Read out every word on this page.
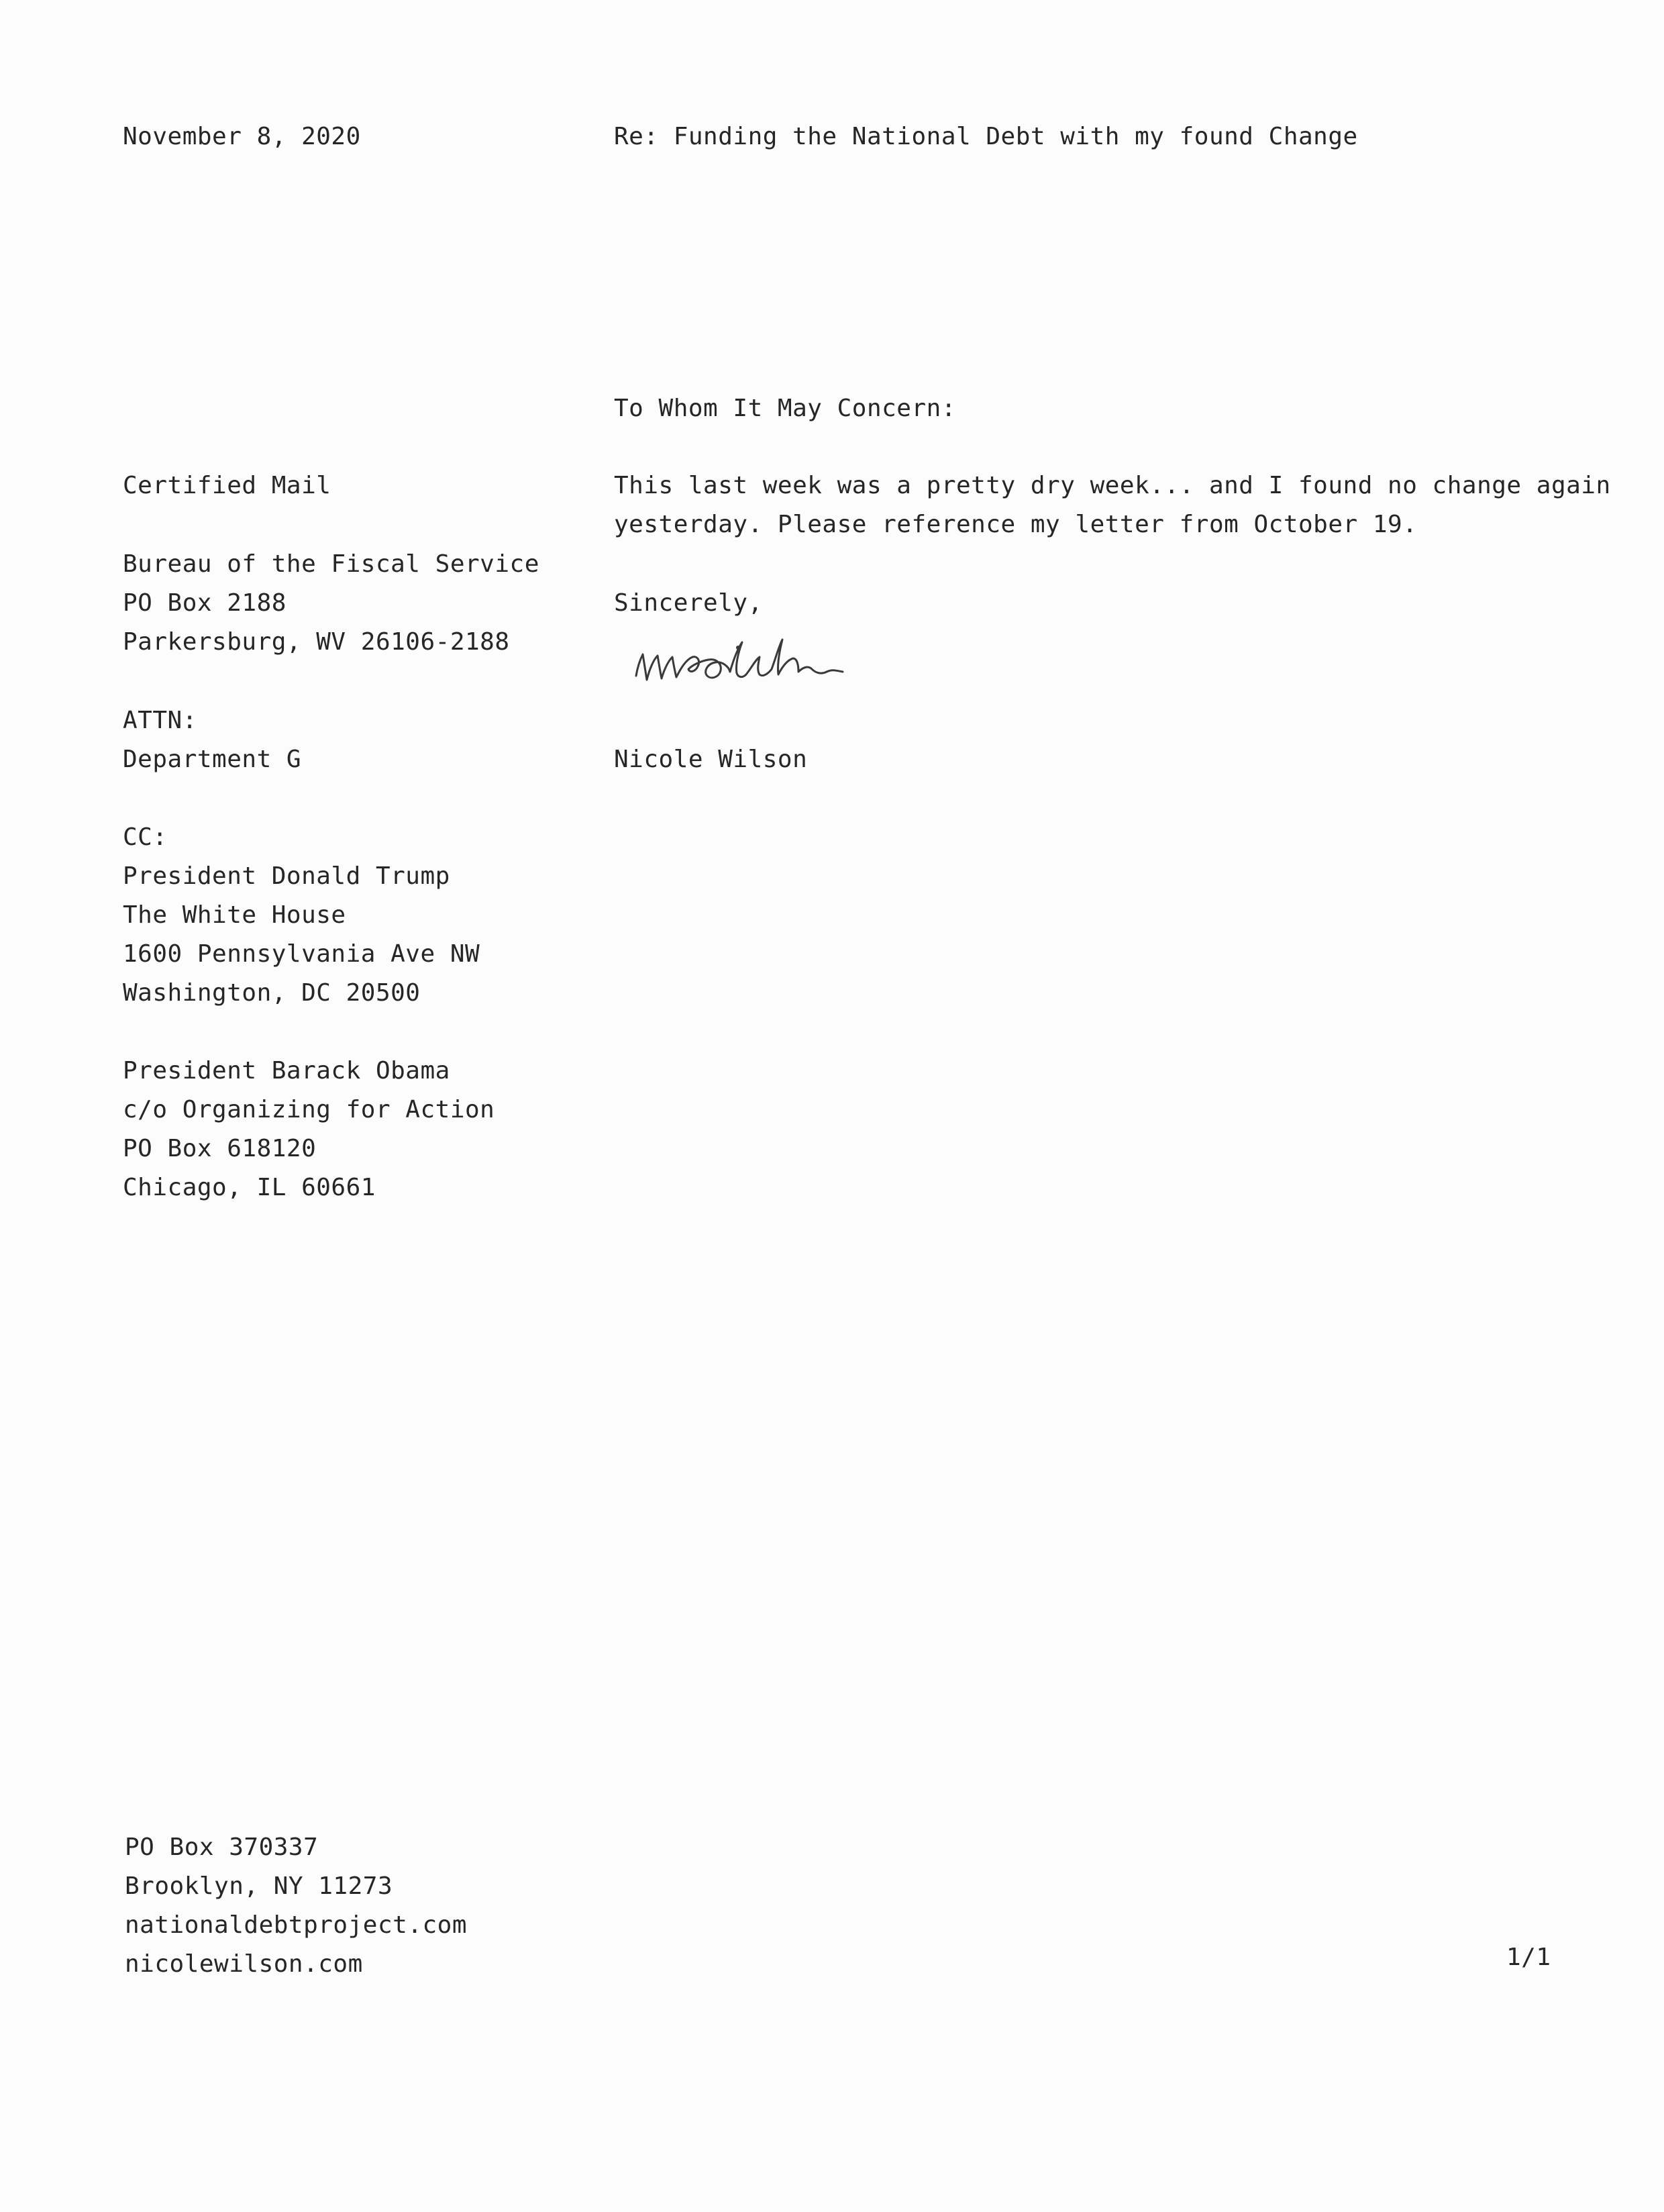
November 8, 2020	Re: Funding the National Debt with my found Change
To Whom It May Concern:
Certified Mail	This last week was a pretty dry week... and I found no change again
yesterday. Please reference my letter from October 19.
Bureau of the Fiscal Service
PO Box 2188
Parkersburg, WV 26106-2188
Sincerely,
ATTN:
Department G	Nicole Wilson
CC:
President Donald Trump
The White House
1600 Pennsylvania Ave NW
Washington, DC 20500
President Barack Obama
c/o Organizing for Action
PO Box 618120
Chicago, IL 60661
PO Box 370337
Brooklyn, NY 11273
nationaldebtproject.com
nicolewilson.com	1/1
